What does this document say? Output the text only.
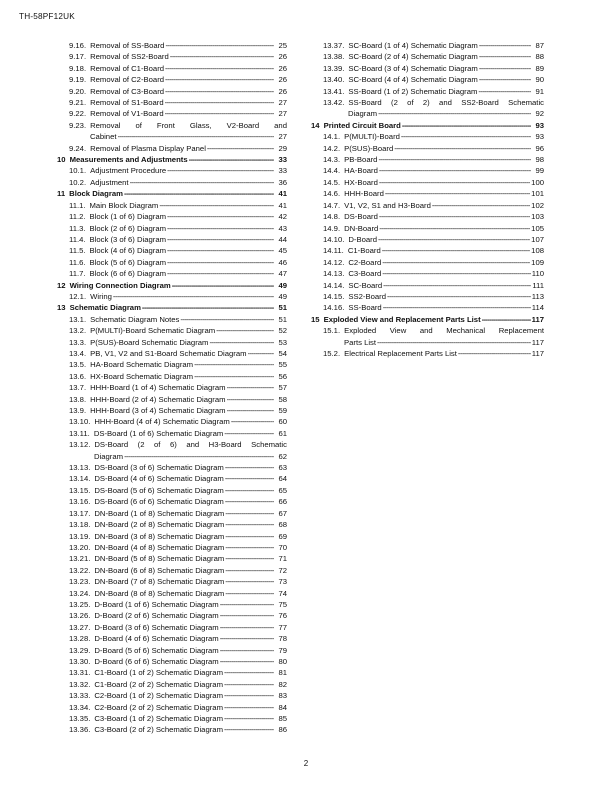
TH-58PF12UK
9.16. Removal of SS-Board -----	25
9.17. Removal of SS2-Board -----	26
9.18. Removal of C1-Board -----	26
9.19. Removal of C2-Board -----	26
9.20. Removal of C3-Board -----	26
9.21. Removal of S1-Board -----	27
9.22. Removal of V1-Board -----	27
9.23. Removal of Front Glass, V2-Board and
Cabinet -----	27
9.24. Removal of Plasma Display Panel -----	29
10 Measurements and Adjustments -----	33
10.1. Adjustment Procedure -----	33
10.2. Adjustment -----	36
11 Block Diagram -----	41
11.1. Main Block Diagram -----	41
11.2. Block (1 of 6) Diagram -----	42
11.3. Block (2 of 6) Diagram -----	43
11.4. Block (3 of 6) Diagram -----	44
11.5. Block (4 of 6) Diagram -----	45
11.6. Block (5 of 6) Diagram -----	46
11.7. Block (6 of 6) Diagram -----	47
12 Wiring Connection Diagram -----	49
12.1. Wiring -----	49
13 Schematic Diagram -----	51
13.1. Schematic Diagram Notes -----	51
13.2. P(MULTI)-Board Schematic Diagram -----	52
13.3. P(SUS)-Board Schematic Diagram -----	53
13.4. PB, V1, V2 and S1-Board Schematic Diagram -----	54
13.5. HA-Board Schematic Diagram -----	55
13.6. HX-Board Schematic Diagram -----	56
13.7. HHH-Board (1 of 4) Schematic Diagram -----	57
13.8. HHH-Board (2 of 4) Schematic Diagram -----	58
13.9. HHH-Board (3 of 4) Schematic Diagram -----	59
13.10. HHH-Board (4 of 4) Schematic Diagram -----	60
13.11. DS-Board (1 of 6) Schematic Diagram -----	61
13.12. DS-Board (2 of 6) and H3-Board Schematic
Diagram -----	62
13.13. DS-Board (3 of 6) Schematic Diagram -----	63
13.14. DS-Board (4 of 6) Schematic Diagram -----	64
13.15. DS-Board (5 of 6) Schematic Diagram -----	65
13.16. DS-Board (6 of 6) Schematic Diagram -----	66
13.17. DN-Board (1 of 8) Schematic Diagram -----	67
13.18. DN-Board (2 of 8) Schematic Diagram -----	68
13.19. DN-Board (3 of 8) Schematic Diagram -----	69
13.20. DN-Board (4 of 8) Schematic Diagram -----	70
13.21. DN-Board (5 of 8) Schematic Diagram -----	71
13.22. DN-Board (6 of 8) Schematic Diagram -----	72
13.23. DN-Board (7 of 8) Schematic Diagram -----	73
13.24. DN-Board (8 of 8) Schematic Diagram -----	74
13.25. D-Board (1 of 6) Schematic Diagram -----	75
13.26. D-Board (2 of 6) Schematic Diagram -----	76
13.27. D-Board (3 of 6) Schematic Diagram -----	77
13.28. D-Board (4 of 6) Schematic Diagram -----	78
13.29. D-Board (5 of 6) Schematic Diagram -----	79
13.30. D-Board (6 of 6) Schematic Diagram -----	80
13.31. C1-Board (1 of 2) Schematic Diagram -----	81
13.32. C1-Board (2 of 2) Schematic Diagram -----	82
13.33. C2-Board (1 of 2) Schematic Diagram -----	83
13.34. C2-Board (2 of 2) Schematic Diagram -----	84
13.35. C3-Board (1 of 2) Schematic Diagram -----	85
13.36. C3-Board (2 of 2) Schematic Diagram -----	86
13.37. SC-Board (1 of 4) Schematic Diagram -----	87
13.38. SC-Board (2 of 4) Schematic Diagram -----	88
13.39. SC-Board (3 of 4) Schematic Diagram -----	89
13.40. SC-Board (4 of 4) Schematic Diagram -----	90
13.41. SS-Board (1 of 2) Schematic Diagram -----	91
13.42. SS-Board (2 of 2) and SS2-Board Schematic
Diagram -----	92
14 Printed Circuit Board -----	93
14.1. P(MULTI)-Board -----	93
14.2. P(SUS)-Board -----	96
14.3. PB-Board -----	98
14.4. HA-Board -----	99
14.5. HX-Board -----	100
14.6. HHH-Board -----	101
14.7. V1, V2, S1 and H3-Board -----	102
14.8. DS-Board -----	103
14.9. DN-Board -----	105
14.10. D-Board -----	107
14.11. C1-Board -----	108
14.12. C2-Board -----	109
14.13. C3-Board -----	110
14.14. SC-Board -----	111
14.15. SS2-Board -----	113
14.16. SS-Board -----	114
15 Exploded View and Replacement Parts List -----	117
15.1. Exploded View and Mechanical Replacement
Parts List -----	117
15.2. Electrical Replacement Parts List -----	117
2
